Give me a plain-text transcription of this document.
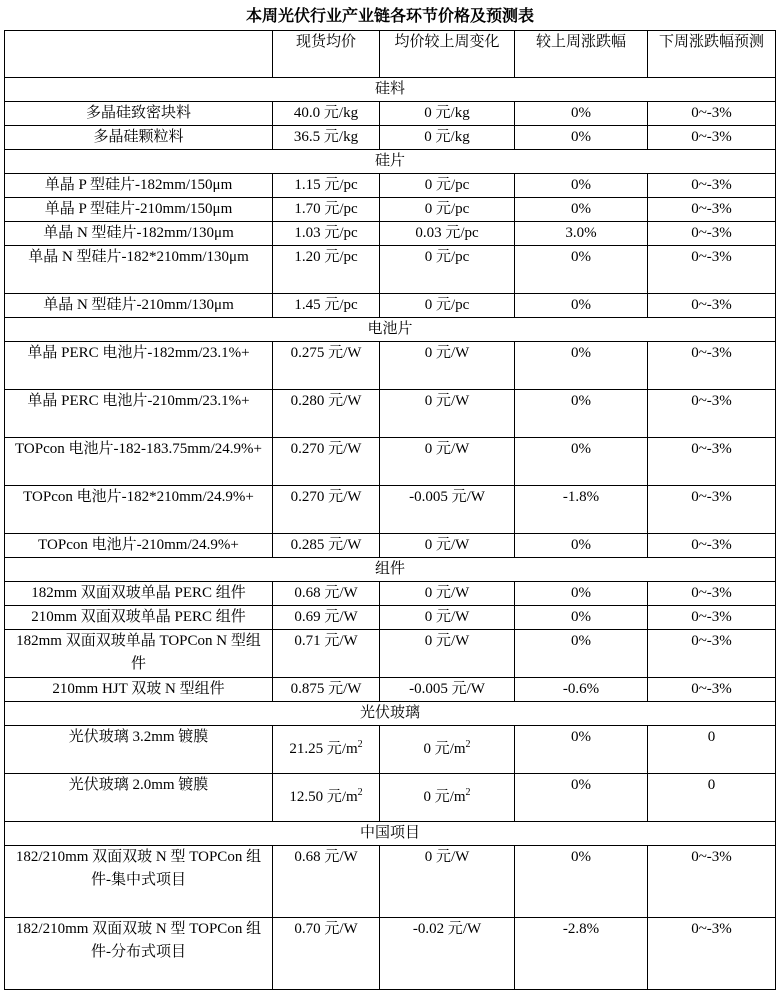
本周光伏行业产业链各环节价格及预测表
	现货均价	均价较上周变化	较上周涨跌幅	下周涨跌幅预测
硅料				
多晶硅致密块料	40.0 元/kg	0 元/kg	0%	0~-3%
多晶硅颗粒料	36.5 元/kg	0 元/kg	0%	0~-3%
硅片				
单晶 P 型硅片-182mm/150μm	1.15 元/pc	0 元/pc	0%	0~-3%
单晶 P 型硅片-210mm/150μm	1.70 元/pc	0 元/pc	0%	0~-3%
单晶 N 型硅片-182mm/130μm	1.03 元/pc	0.03 元/pc	3.0%	0~-3%
单晶 N 型硅片-182*210mm/130μm	1.20 元/pc	0 元/pc	0%	0~-3%
单晶 N 型硅片-210mm/130μm	1.45 元/pc	0 元/pc	0%	0~-3%
电池片				
单晶 PERC 电池片-182mm/23.1%+	0.275 元/W	0 元/W	0%	0~-3%
单晶 PERC 电池片-210mm/23.1%+	0.280 元/W	0 元/W	0%	0~-3%
TOPcon 电池片-182-183.75mm/24.9%+	0.270 元/W	0 元/W	0%	0~-3%
TOPcon 电池片-182*210mm/24.9%+	0.270 元/W	-0.005 元/W	-1.8%	0~-3%
TOPcon 电池片-210mm/24.9%+	0.285 元/W	0 元/W	0%	0~-3%
组件				
182mm 双面双玻单晶 PERC 组件	0.68 元/W	0 元/W	0%	0~-3%
210mm 双面双玻单晶 PERC 组件	0.69 元/W	0 元/W	0%	0~-3%
182mm 双面双玻单晶 TOPCon N 型组件	0.71 元/W	0 元/W	0%	0~-3%
210mm HJT 双玻 N 型组件	0.875 元/W	-0.005 元/W	-0.6%	0~-3%
光伏玻璃				
光伏玻璃 3.2mm 镀膜	21.25 元$/m^2$	0 元$/m^2$	0%	0
光伏玻璃 2.0mm 镀膜	12.50 元$/m^2$	0 元$/m^2$	0%	0
中国项目				
182/210mm 双面双玻 N 型 TOPCon 组件-集中式项目	0.68 元/W	0 元/W	0%	0~-3%
182/210mm 双面双玻 N 型 TOPCon 组件-分布式项目	0.70 元/W	-0.02 元/W	-2.8%	0~-3%
